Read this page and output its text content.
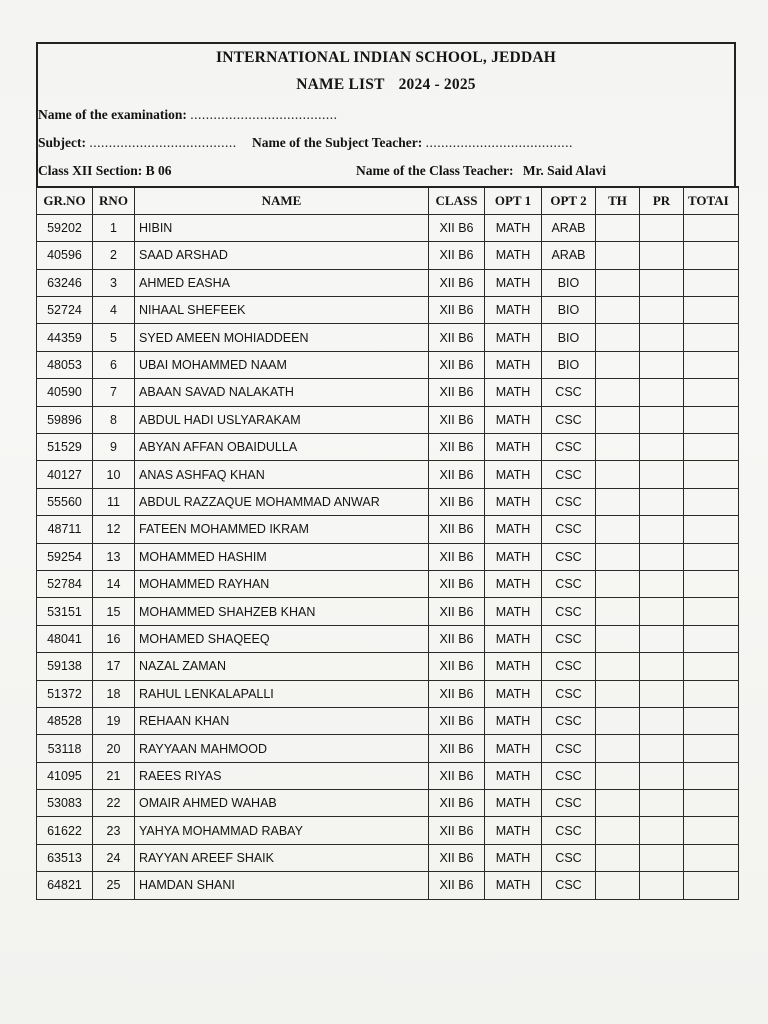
INTERNATIONAL INDIAN SCHOOL, JEDDAH
NAME LIST 2024 - 2025
Name of the examination: ......................................
Subject: ...................................... Name of the Subject Teacher: ......................................
Class XII Section: B 06	Name of the Class Teacher: Mr. Said Alavi
GR.NO	RNO	NAME	CLASS	OPT 1	OPT 2	TH	PR	TOTAI
59202	1	HIBIN	XII B6	MATH	ARAB			
40596	2	SAAD ARSHAD	XII B6	MATH	ARAB			
63246	3	AHMED EASHA	XII B6	MATH	BIO			
52724	4	NIHAAL SHEFEEK	XII B6	MATH	BIO			
44359	5	SYED AMEEN MOHIADDEEN	XII B6	MATH	BIO			
48053	6	UBAI MOHAMMED NAAM	XII B6	MATH	BIO			
40590	7	ABAAN SAVAD NALAKATH	XII B6	MATH	CSC			
59896	8	ABDUL HADI USLYARAKAM	XII B6	MATH	CSC			
51529	9	ABYAN AFFAN OBAIDULLA	XII B6	MATH	CSC			
40127	10	ANAS ASHFAQ KHAN	XII B6	MATH	CSC			
55560	11	ABDUL RAZZAQUE MOHAMMAD ANWAR	XII B6	MATH	CSC			
48711	12	FATEEN MOHAMMED IKRAM	XII B6	MATH	CSC			
59254	13	MOHAMMED HASHIM	XII B6	MATH	CSC			
52784	14	MOHAMMED RAYHAN	XII B6	MATH	CSC			
53151	15	MOHAMMED SHAHZEB KHAN	XII B6	MATH	CSC			
48041	16	MOHAMED SHAQEEQ	XII B6	MATH	CSC			
59138	17	NAZAL ZAMAN	XII B6	MATH	CSC			
51372	18	RAHUL LENKALAPALLI	XII B6	MATH	CSC			
48528	19	REHAAN KHAN	XII B6	MATH	CSC			
53118	20	RAYYAAN MAHMOOD	XII B6	MATH	CSC			
41095	21	RAEES RIYAS	XII B6	MATH	CSC			
53083	22	OMAIR AHMED WAHAB	XII B6	MATH	CSC			
61622	23	YAHYA MOHAMMAD RABAY	XII B6	MATH	CSC			
63513	24	RAYYAN AREEF SHAIK	XII B6	MATH	CSC			
64821	25	HAMDAN SHANI	XII B6	MATH	CSC			
